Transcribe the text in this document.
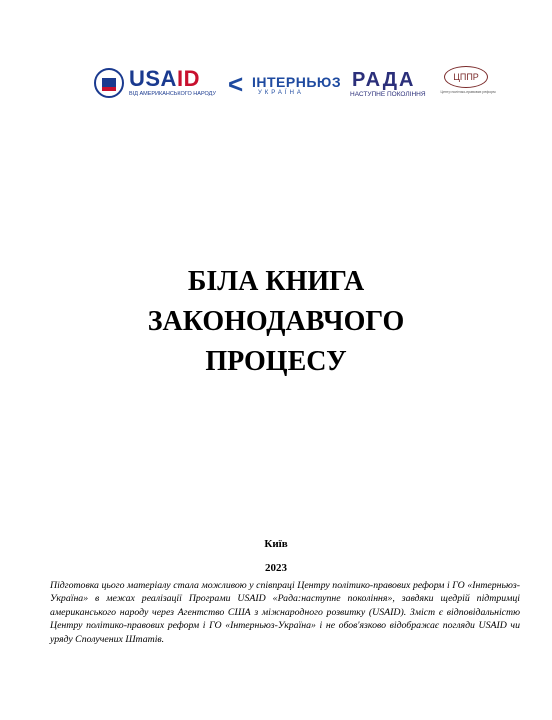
USAID
ВІД АМЕРИКАНСЬКОГО НАРОДУ < ІНТЕРНЬЮЗ
УКРАЇНА
РАДА
НАСТУПНЕ ПОКОЛІННЯ
ЦППР
Центр політико-правових реформ
БІЛА КНИГА
ЗАКОНОДАВЧОГО
ПРОЦЕСУ
Київ
2023
Підготовка цього матеріалу стала можливою у співпраці Центру політико-правових реформ і ГО «Інтерньюз-Україна» в межах реалізації Програми USAID «Рада:наступне покоління», завдяки щедрій підтримці американського народу через Агентство США з міжнародного розвитку (USAID). Зміст є відповідальністю Центру політико-правових реформ і ГО «Інтерньюз-Україна» і не обов'язково відображає погляди USAID чи уряду Сполучених Штатів.
